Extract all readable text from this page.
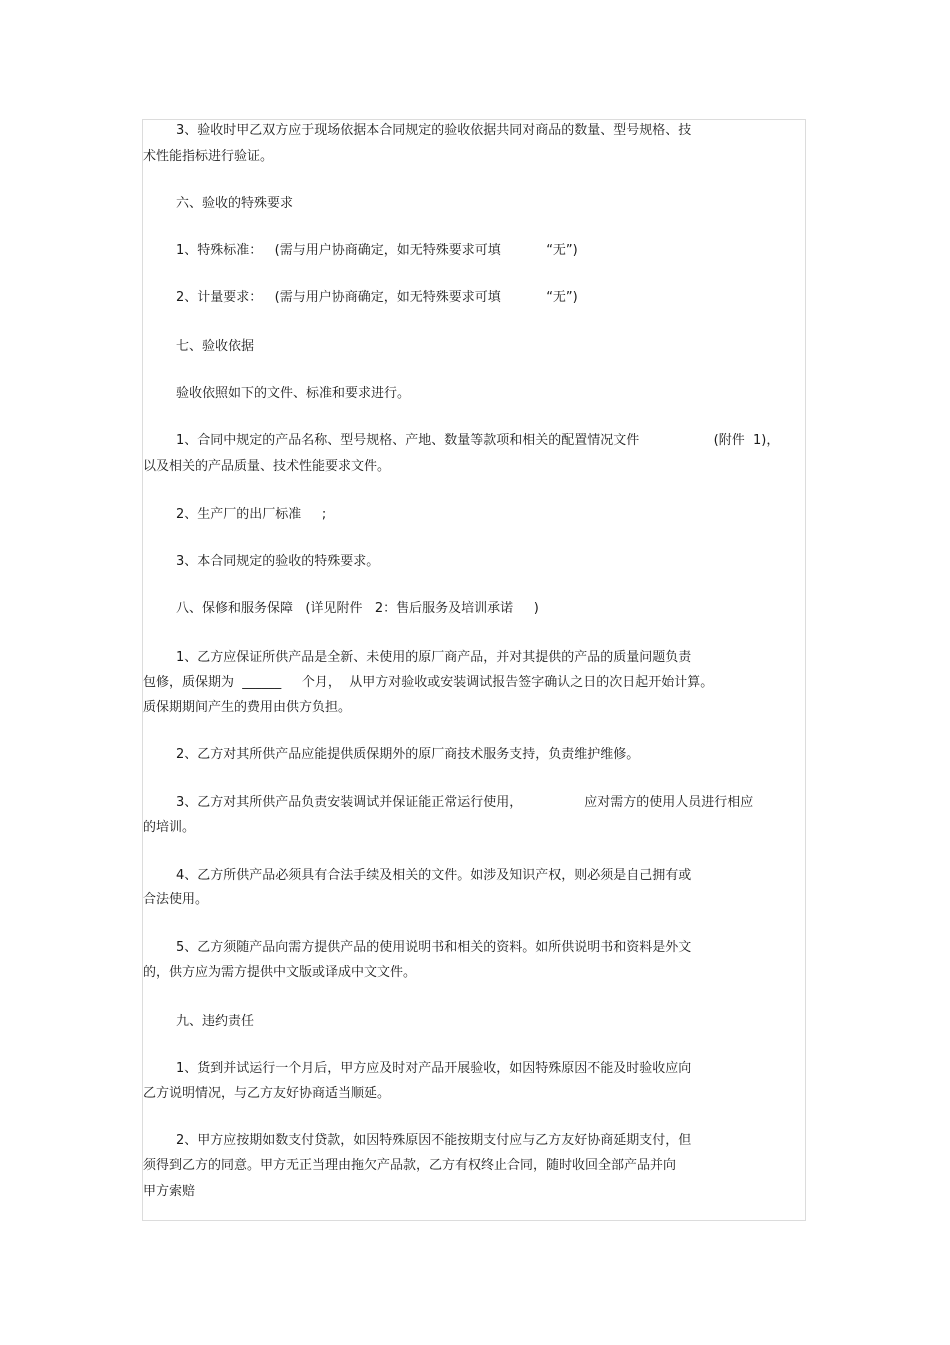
3、验收时甲乙双方应于现场依据本合同规定的验收依据共同对商品的数量、型号规格、技
术性能指标进行验证。
六、验收的特殊要求
1、特殊标准：   (需与用户协商确定，如无特殊要求可填           “无”)
2、计量要求：   (需与用户协商确定，如无特殊要求可填           “无”)
七、验收依据
验收依照如下的文件、标准和要求进行。
1、合同中规定的产品名称、型号规格、产地、数量等款项和相关的配置情况文件                  (附件  1)，
以及相关的产品质量、技术性能要求文件。
2、生产厂的出厂标准     ;
3、本合同规定的验收的特殊要求。
八、保修和服务保障   (详见附件   2：售后服务及培训承诺     )
1、乙方应保证所供产品是全新、未使用的原厂商产品，并对其提供的产品的质量问题负责
包修，质保期为  ______     个月，  从甲方对验收或安装调试报告签字确认之日的次日起开始计算。
质保期期间产生的费用由供方负担。
2、乙方对其所供产品应能提供质保期外的原厂商技术服务支持，负责维护维修。
3、乙方对其所供产品负责安装调试并保证能正常运行使用，               应对需方的使用人员进行相应
的培训。
4、乙方所供产品必须具有合法手续及相关的文件。如涉及知识产权，则必须是自己拥有或
合法使用。
5、乙方须随产品向需方提供产品的使用说明书和相关的资料。如所供说明书和资料是外文
的，供方应为需方提供中文版或译成中文文件。
九、违约责任
1、货到并试运行一个月后，甲方应及时对产品开展验收，如因特殊原因不能及时验收应向
乙方说明情况，与乙方友好协商适当顺延。
2、甲方应按期如数支付贷款，如因特殊原因不能按期支付应与乙方友好协商延期支付，但
须得到乙方的同意。甲方无正当理由拖欠产品款，乙方有权终止合同，随时收回全部产品并向
甲方索赔
